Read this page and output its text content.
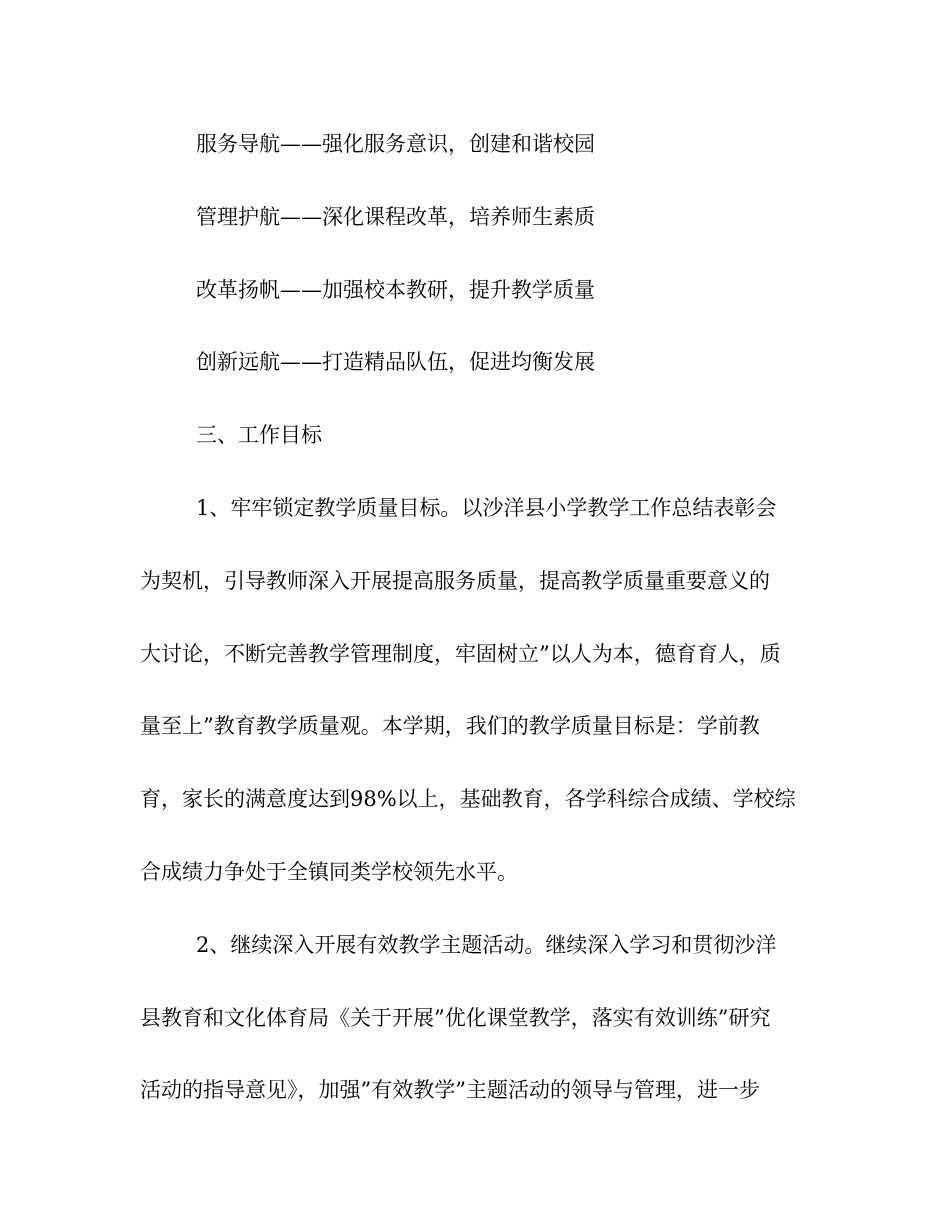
服务导航——强化服务意识，创建和谐校园

管理护航——深化课程改革，培养师生素质

改革扬帆——加强校本教研，提升教学质量

创新远航——打造精品队伍，促进均衡发展

三、工作目标

1、牢牢锁定教学质量目标。以沙洋县小学教学工作总结表彰会

为契机，引导教师深入开展提高服务质量，提高教学质量重要意义的

大讨论，不断完善教学管理制度，牢固树立”以人为本，德育育人，质

量至上”教育教学质量观。本学期，我们的教学质量目标是：学前教

育，家长的满意度达到98%以上，基础教育，各学科综合成绩、学校综

合成绩力争处于全镇同类学校领先水平。

2、继续深入开展有效教学主题活动。继续深入学习和贯彻沙洋

县教育和文化体育局《关于开展”优化课堂教学，落实有效训练”研究

活动的指导意见》，加强”有效教学”主题活动的领导与管理，进一步
